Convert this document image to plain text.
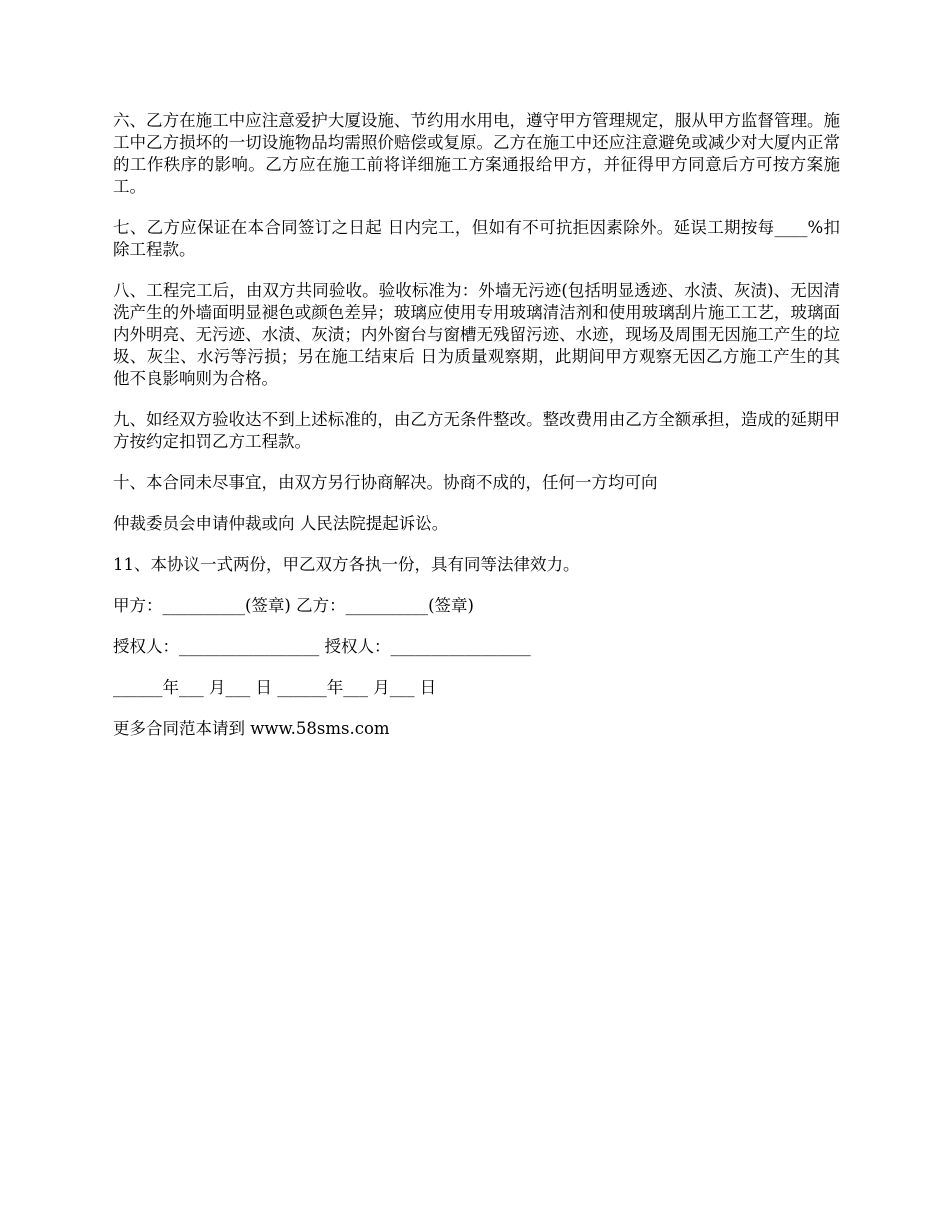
六、乙方在施工中应注意爱护大厦设施、节约用水用电，遵守甲方管理规定，服从甲方监督管理。施工中乙方损坏的一切设施物品均需照价赔偿或复原。乙方在施工中还应注意避免或减少对大厦内正常的工作秩序的影响。乙方应在施工前将详细施工方案通报给甲方，并征得甲方同意后方可按方案施工。

七、乙方应保证在本合同签订之日起 日内完工，但如有不可抗拒因素除外。延误工期按每____%扣除工程款。

八、工程完工后，由双方共同验收。验收标准为：外墙无污迹(包括明显透迹、水渍、灰渍)、无因清洗产生的外墙面明显褪色或颜色差异；玻璃应使用专用玻璃清洁剂和使用玻璃刮片施工工艺，玻璃面内外明亮、无污迹、水渍、灰渍；内外窗台与窗槽无残留污迹、水迹，现场及周围无因施工产生的垃圾、灰尘、水污等污损；另在施工结束后 日为质量观察期，此期间甲方观察无因乙方施工产生的其他不良影响则为合格。

九、如经双方验收达不到上述标准的，由乙方无条件整改。整改费用由乙方全额承担，造成的延期甲方按约定扣罚乙方工程款。

十、本合同未尽事宜，由双方另行协商解决。协商不成的，任何一方均可向

仲裁委员会申请仲裁或向 人民法院提起诉讼。

11、本协议一式两份，甲乙双方各执一份，具有同等法律效力。

甲方：__________(签章) 乙方：__________(签章)

授权人：_________________ 授权人：_________________

______年___ 月___ 日 ______年___ 月___ 日

更多合同范本请到 www.58sms.com
